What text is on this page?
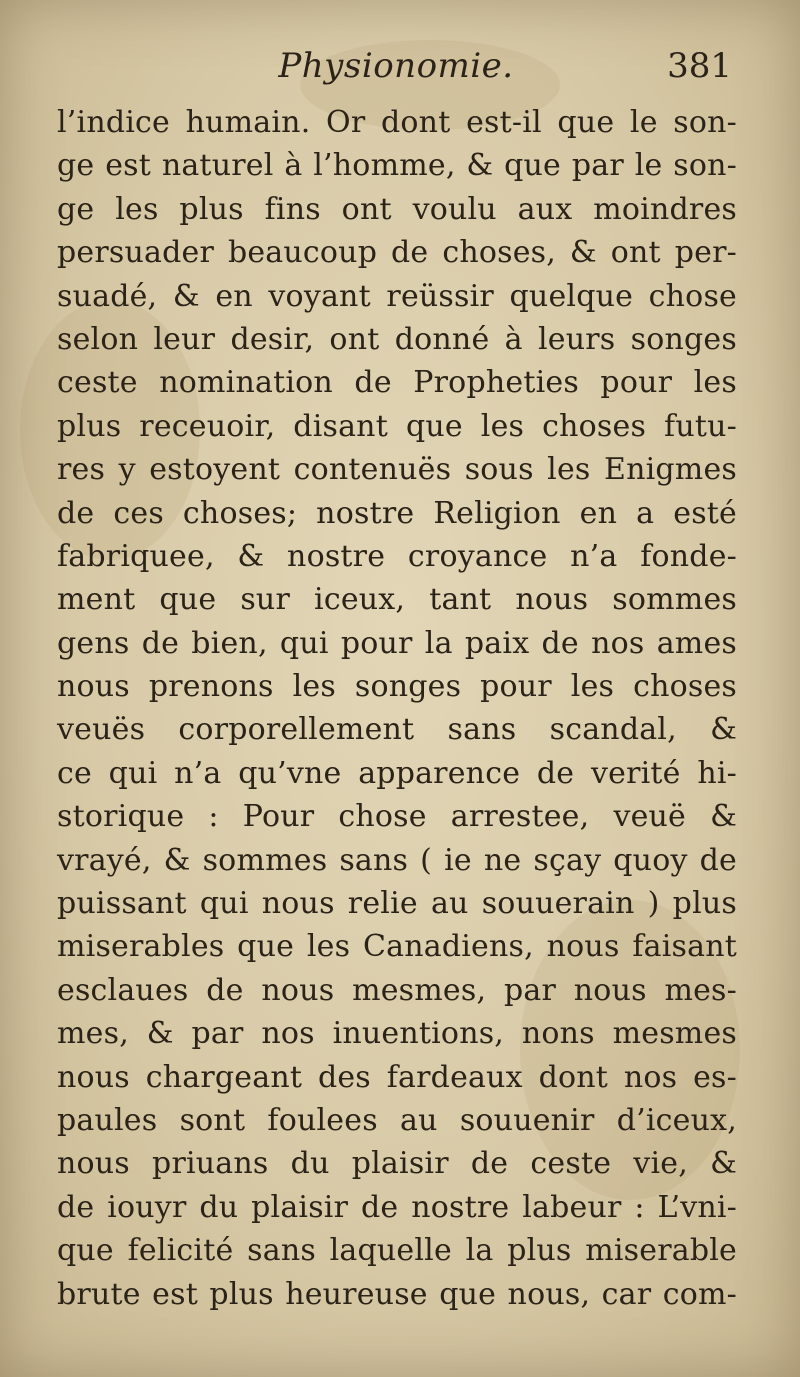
Physionomie.	381
l’indice humain. Or dont est-il que le son-
ge est naturel à l’homme, & que par le son-
ge les plus fins ont voulu aux moindres
persuader beaucoup de choses, & ont per-
suadé, & en voyant reüssir quelque chose
selon leur desir, ont donné à leurs songes
ceste nomination de Propheties pour les
plus receuoir, disant que les choses futu-
res y estoyent contenuës sous les Enigmes
de ces choses; nostre Religion en a esté
fabriquee, & nostre croyance n’a fonde-
ment que sur iceux, tant nous sommes
gens de bien, qui pour la paix de nos ames
nous prenons les songes pour les choses
veuës corporellement sans scandal, &
ce qui n’a qu’vne apparence de verité hi-
storique : Pour chose arrestee, veuë &
vrayé, & sommes sans ( ie ne sçay quoy de
puissant qui nous relie au souuerain ) plus
miserables que les Canadiens, nous faisant
esclaues de nous mesmes, par nous mes-
mes, & par nos inuentions, nons mesmes
nous chargeant des fardeaux dont nos es-
paules sont foulees au souuenir d’iceux,
nous priuans du plaisir de ceste vie, &
de iouyr du plaisir de nostre labeur : L’vni-
que felicité sans laquelle la plus miserable
brute est plus heureuse que nous, car com-
